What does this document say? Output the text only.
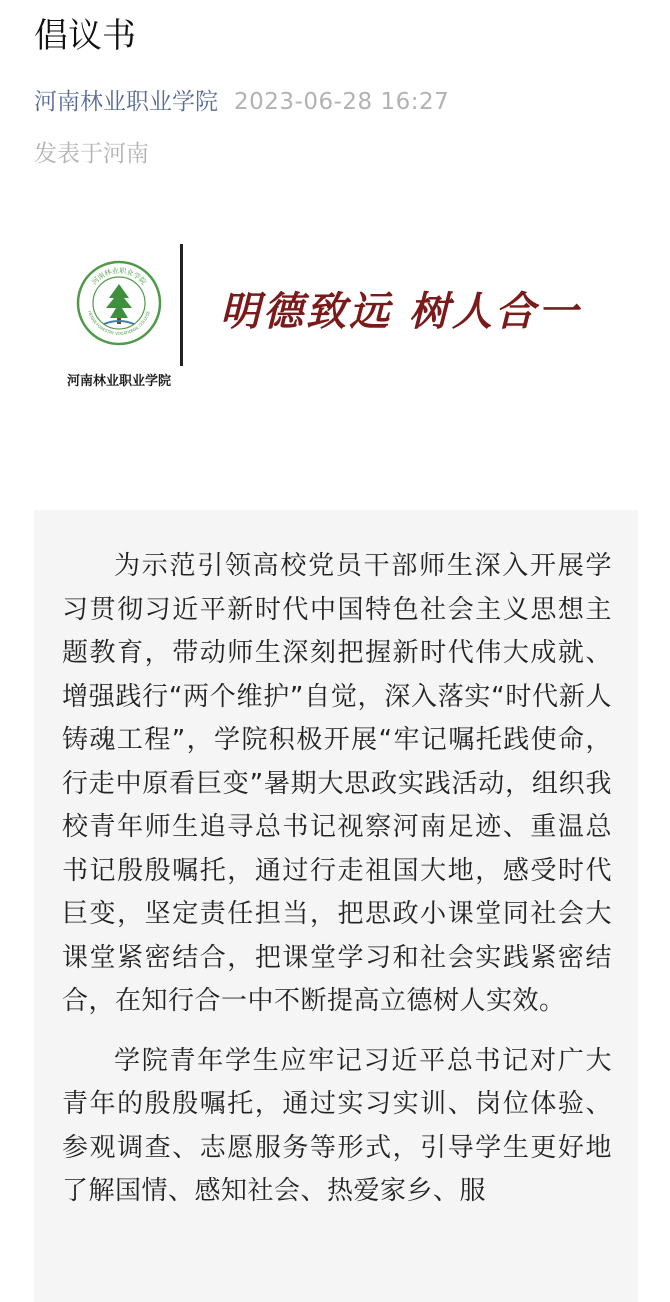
倡议书
河南林业职业学院 2023-06-28 16:27
发表于河南
河南林业职业学院
HENAN FORESTRY VOCATIONAL COLLEGE
河南林业职业学院
明德致远 树人合一

为示范引领高校党员干部师生深入开展学习贯彻习近平新时代中国特色社会主义思想主题教育，带动师生深刻把握新时代伟大成就、增强践行“两个维护”自觉，深入落实“时代新人铸魂工程”，学院积极开展“牢记嘱托践使命，行走中原看巨变”暑期大思政实践活动，组织我校青年师生追寻总书记视察河南足迹、重温总书记殷殷嘱托，通过行走祖国大地，感受时代巨变，坚定责任担当，把思政小课堂同社会大课堂紧密结合，把课堂学习和社会实践紧密结合，在知行合一中不断提高立德树人实效。

学院青年学生应牢记习近平总书记对广大青年的殷殷嘱托，通过实习实训、岗位体验、参观调查、志愿服务等形式，引导学生更好地了解国情、感知社会、热爱家乡、服
